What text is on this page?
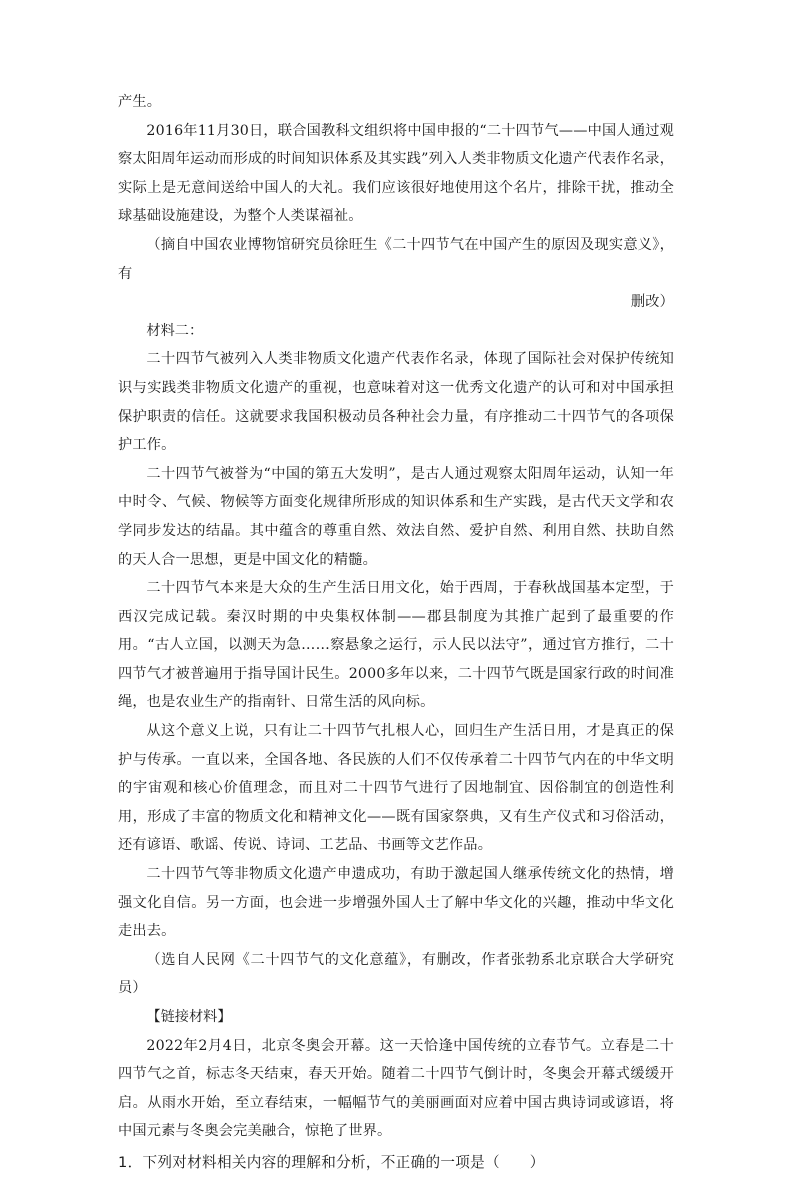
产生。

2016年11月30日，联合国教科文组织将中国申报的“二十四节气——中国人通过观察太阳周年运动而形成的时间知识体系及其实践”列入人类非物质文化遗产代表作名录，实际上是无意间送给中国人的大礼。我们应该很好地使用这个名片，排除干扰，推动全球基础设施建设，为整个人类谋福祉。

（摘自中国农业博物馆研究员徐旺生《二十四节气在中国产生的原因及现实意义》，有

删改）

材料二：

二十四节气被列入人类非物质文化遗产代表作名录，体现了国际社会对保护传统知识与实践类非物质文化遗产的重视，也意味着对这一优秀文化遗产的认可和对中国承担保护职责的信任。这就要求我国积极动员各种社会力量，有序推动二十四节气的各项保护工作。

二十四节气被誉为“中国的第五大发明”，是古人通过观察太阳周年运动，认知一年中时令、气候、物候等方面变化规律所形成的知识体系和生产实践，是古代天文学和农学同步发达的结晶。其中蕴含的尊重自然、效法自然、爱护自然、利用自然、扶助自然的天人合一思想，更是中国文化的精髓。

二十四节气本来是大众的生产生活日用文化，始于西周，于春秋战国基本定型，于西汉完成记载。秦汉时期的中央集权体制——郡县制度为其推广起到了最重要的作用。“古人立国，以测天为急……察悬象之运行，示人民以法守”，通过官方推行，二十四节气才被普遍用于指导国计民生。2000多年以来，二十四节气既是国家行政的时间准绳，也是农业生产的指南针、日常生活的风向标。

从这个意义上说，只有让二十四节气扎根人心，回归生产生活日用，才是真正的保护与传承。一直以来，全国各地、各民族的人们不仅传承着二十四节气内在的中华文明的宇宙观和核心价值理念，而且对二十四节气进行了因地制宜、因俗制宜的创造性利用，形成了丰富的物质文化和精神文化——既有国家祭典，又有生产仪式和习俗活动，还有谚语、歌谣、传说、诗词、工艺品、书画等文艺作品。

二十四节气等非物质文化遗产申遗成功，有助于激起国人继承传统文化的热情，增强文化自信。另一方面，也会进一步增强外国人士了解中华文化的兴趣，推动中华文化走出去。

（选自人民网《二十四节气的文化意蕴》，有删改，作者张勃系北京联合大学研究员）

【链接材料】

2022年2月4日，北京冬奥会开幕。这一天恰逢中国传统的立春节气。立春是二十四节气之首，标志冬天结束，春天开始。随着二十四节气倒计时，冬奥会开幕式缓缓开启。从雨水开始，至立春结束，一幅幅节气的美丽画面对应着中国古典诗词或谚语，将中国元素与冬奥会完美融合，惊艳了世界。

1．下列对材料相关内容的理解和分析，不正确的一项是（　　）
